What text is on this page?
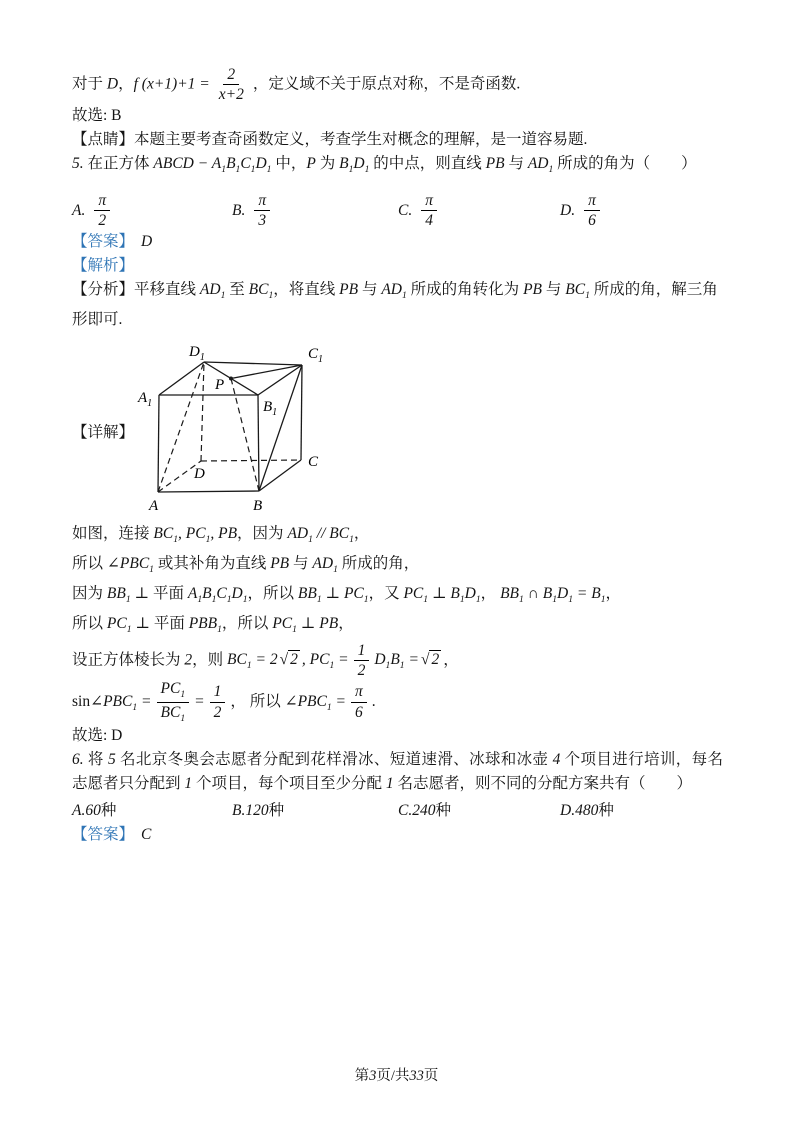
对于 D，f $(x+1)+1 = \frac{2}{x+2}$ ，定义域不关于原点对称，不是奇函数.

故选: B

【点睛】本题主要考查奇函数定义，考查学生对概念的理解，是一道容易题.

5. 在正方体 ABCD − $A_1B_1C_1D_1$ 中，P 为 $B_1D_1$ 的中点，则直线 PB 与 $AD_1$ 所成的角为（　　）

A. $\frac{\pi}{2}$	B. $\frac{\pi}{3}$	C. $\frac{\pi}{4}$	D. $\frac{\pi}{6}$

【答案】 D

【解析】

【分析】平移直线 $AD_1$ 至 $BC_1$，将直线 PB 与 $AD_1$ 所成的角转化为 PB 与 $BC_1$ 所成的角，解三角形即可.

【详解】
$A_1$	$B_1$
$C_1$
$D_1$
A	B
C
D
P

如图，连接 $BC_1$, $PC_1$, PB，因为 $AD_1 // BC_1$，

所以 $\angle PBC_1$ 或其补角为直线 PB 与 $AD_1$ 所成的角，

因为 $BB_1$ ⊥ 平面 $A_1B_1C_1D_1$，所以 $BB_1$ ⊥ $PC_1$，又 $PC_1$ ⊥ $B_1D_1$， $BB_1$ ∩ $B_1D_1 = B_1$，

所以 $PC_1$ ⊥ 平面 $PBB_1$，所以 $PC_1$ ⊥ PB，

设正方体棱长为 2，则 $BC_1 = 2$ √ 2 , $PC_1 = \frac{1}{2} D_1B_1$ = √ 2 ，

$\sin\angle PBC_1 = \frac{PC_1}{BC_1} = \frac{1}{2}$ ， 所以 $\angle PBC_1 = \frac{\pi}{6}$ .

故选: D

6. 将 5 名北京冬奥会志愿者分配到花样滑冰、短道速滑、冰球和冰壶 4 个项目进行培训，每名志愿者只分配到 1 个项目，每个项目至少分配 1 名志愿者，则不同的分配方案共有（　　）

A. 60 种	B. 120 种	C. 240 种	D. 480 种

【答案】 C

第3页/共33页
